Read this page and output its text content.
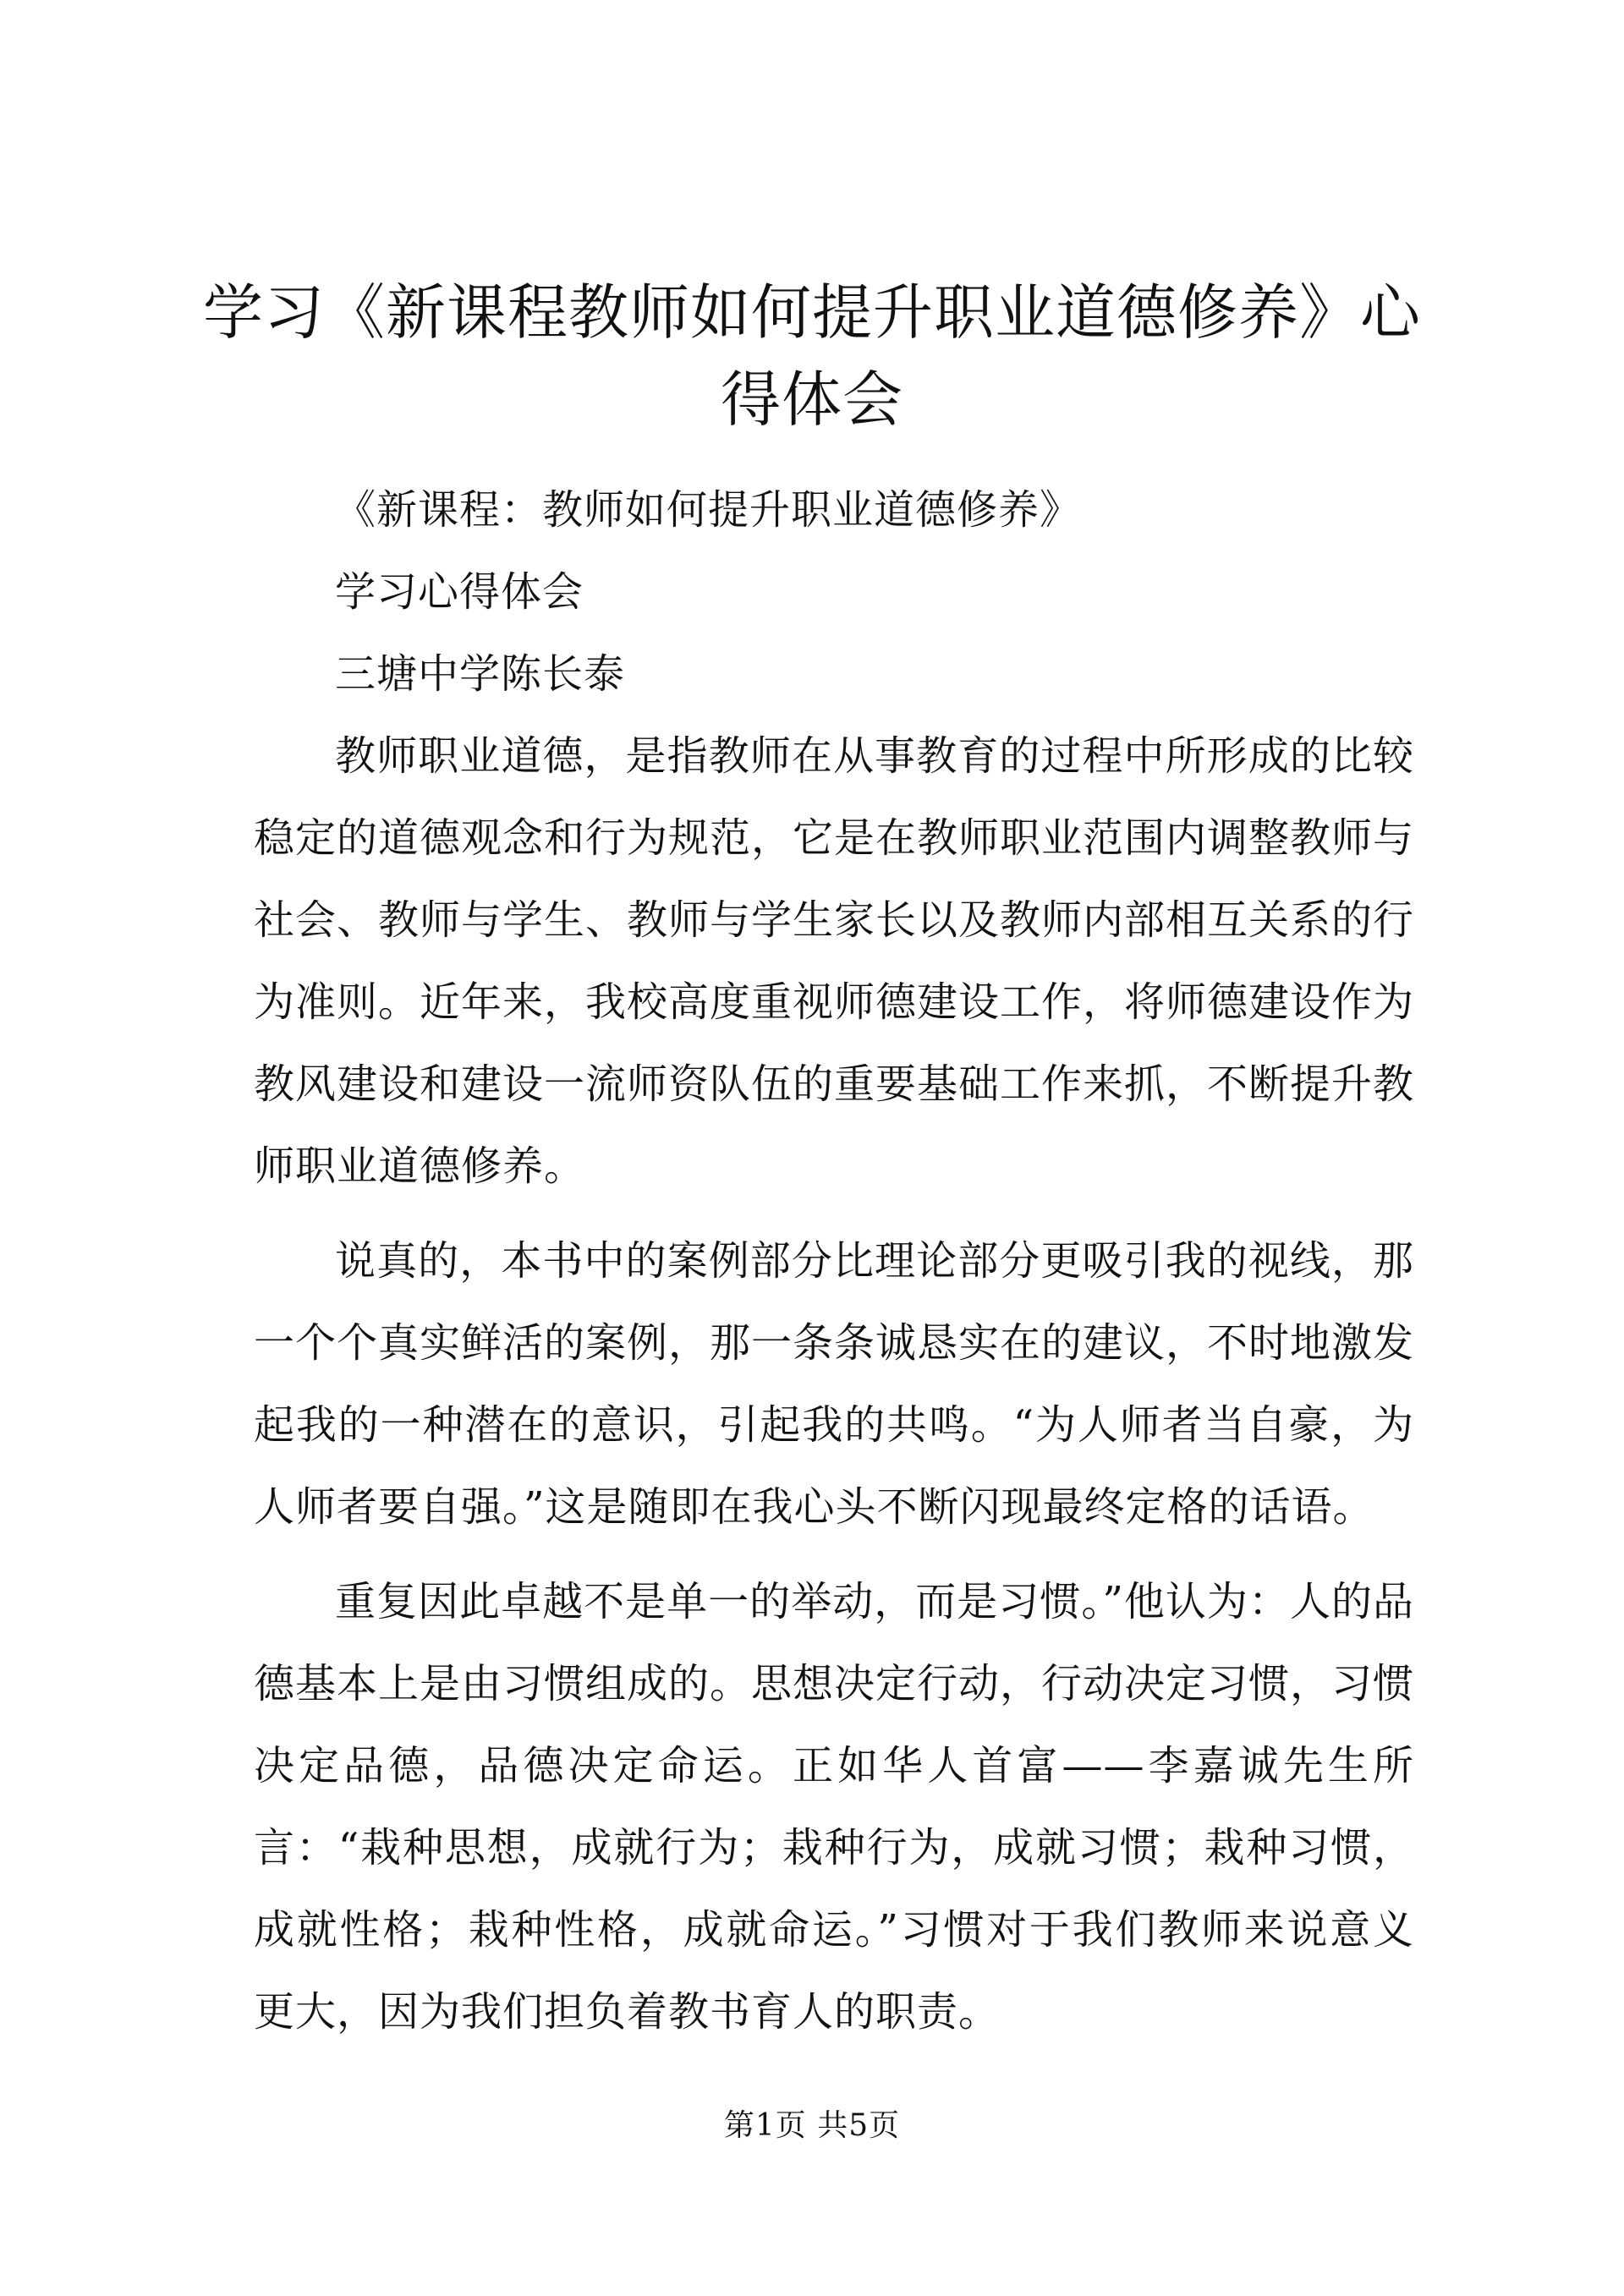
学习《新课程教师如何提升职业道德修养》心得体会

《新课程：教师如何提升职业道德修养》

学习心得体会

三塘中学陈长泰

教师职业道德，是指教师在从事教育的过程中所形成的比较稳定的道德观念和行为规范，它是在教师职业范围内调整教师与社会、教师与学生、教师与学生家长以及教师内部相互关系的行为准则。近年来，我校高度重视师德建设工作，将师德建设作为教风建设和建设一流师资队伍的重要基础工作来抓，不断提升教师职业道德修养。

说真的，本书中的案例部分比理论部分更吸引我的视线，那一个个真实鲜活的案例，那一条条诚恳实在的建议，不时地激发起我的一种潜在的意识，引起我的共鸣。“为人师者当自豪，为人师者要自强。”这是随即在我心头不断闪现最终定格的话语。

重复因此卓越不是单一的举动，而是习惯。”他认为：人的品德基本上是由习惯组成的。思想决定行动，行动决定习惯，习惯决定品德，品德决定命运。正如华人首富——李嘉诚先生所言：“栽种思想，成就行为；栽种行为，成就习惯；栽种习惯，成就性格；栽种性格，成就命运。”习惯对于我们教师来说意义更大，因为我们担负着教书育人的职责。

第1页 共5页
